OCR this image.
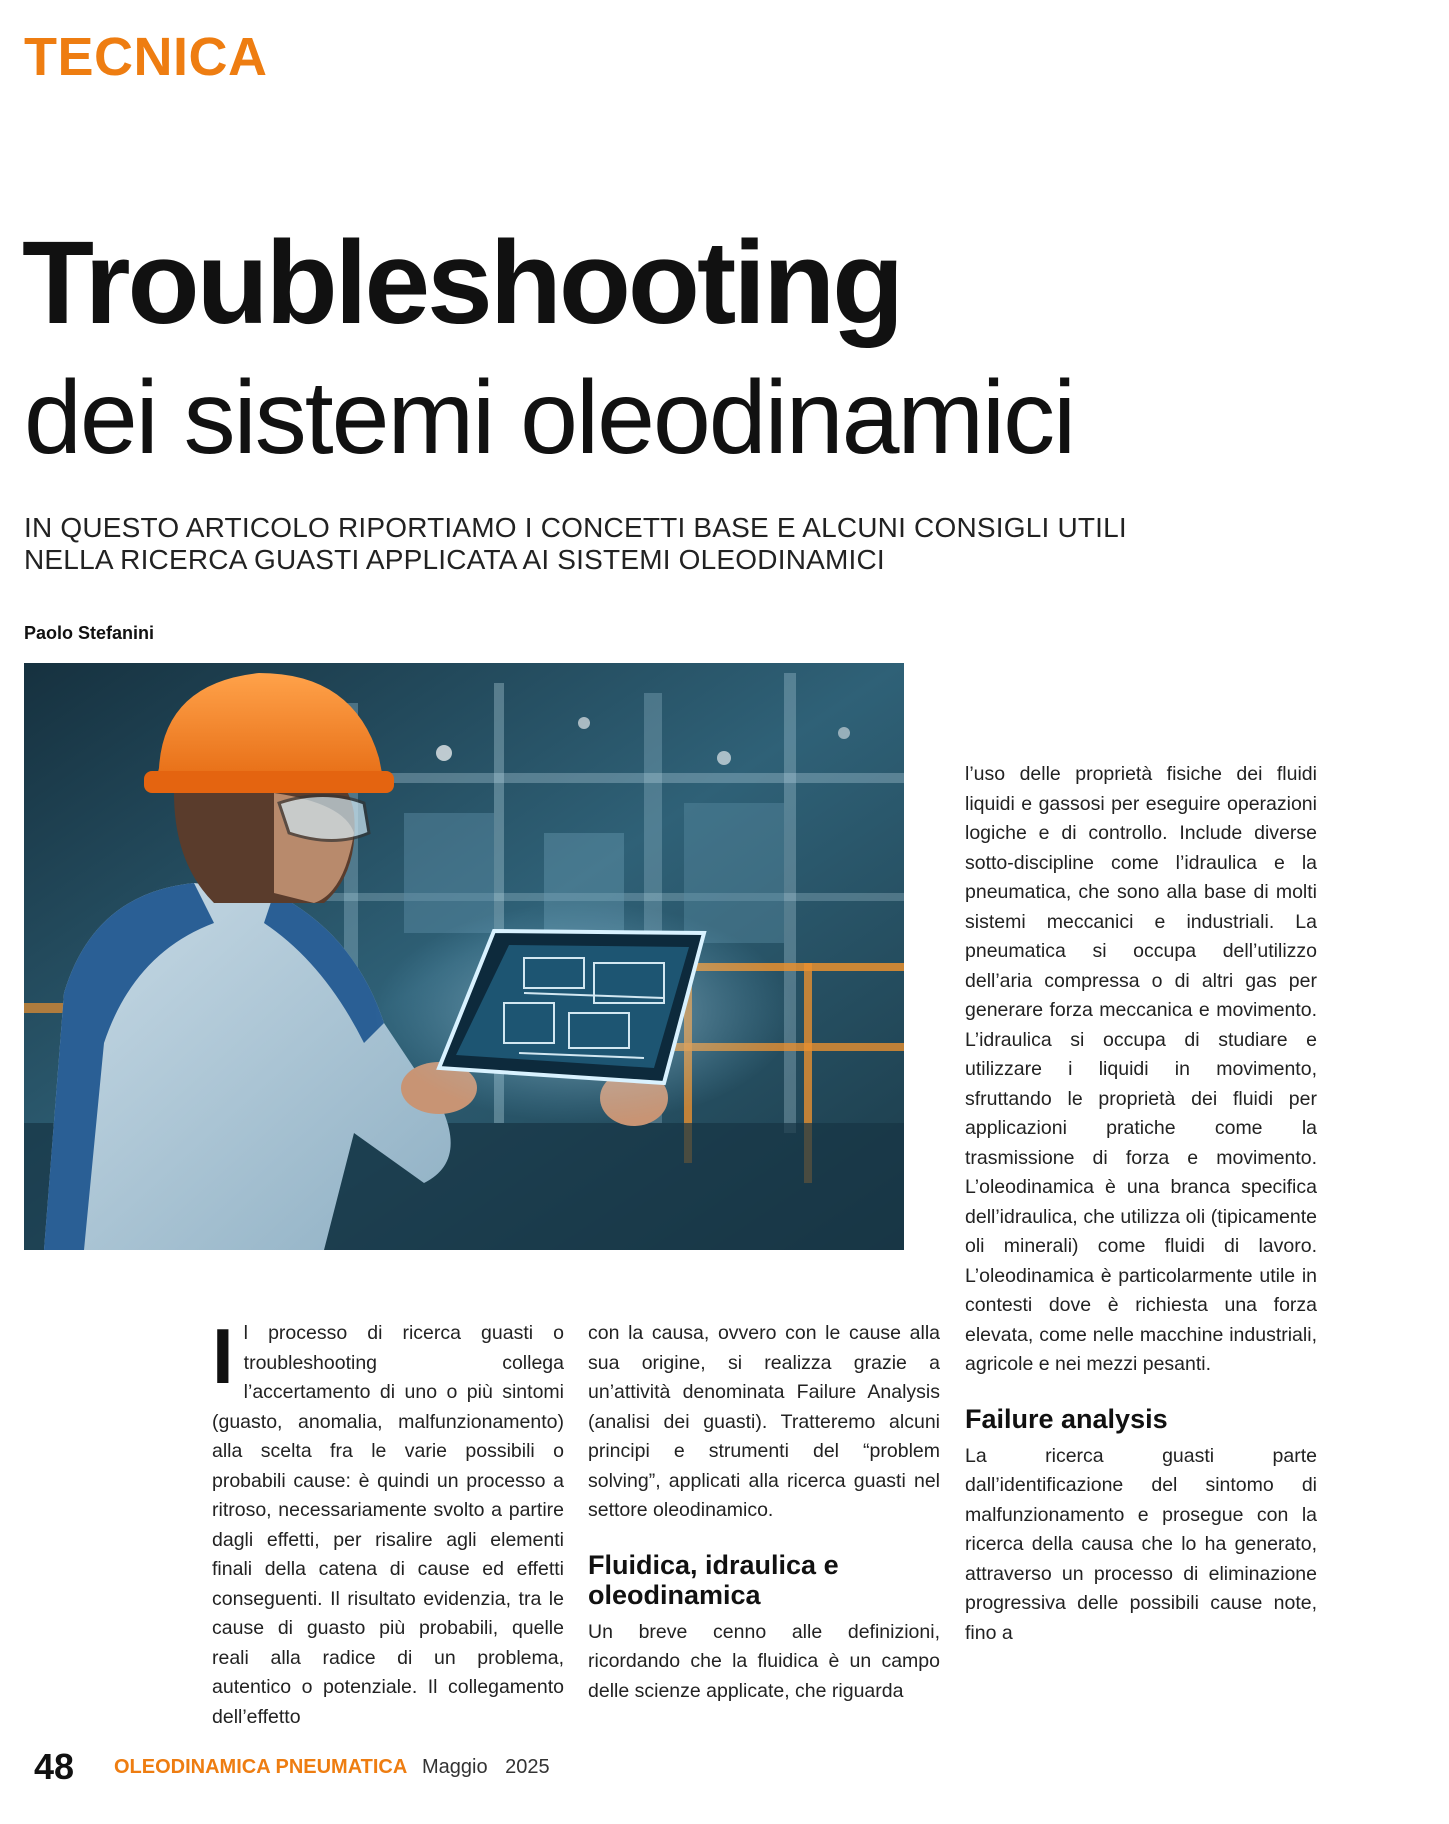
TECNICA
Troubleshooting
dei sistemi oleodinamici
IN QUESTO ARTICOLO RIPORTIAMO I CONCETTI BASE E ALCUNI CONSIGLI UTILI NELLA RICERCA GUASTI APPLICATA AI SISTEMI OLEODINAMICI
Paolo Stefanini
I l processo di ricerca guasti o troubleshooting collega l’accertamento di uno o più sintomi (guasto, anomalia, malfunzionamento) alla scelta fra le varie possibili o probabili cause: è quindi un processo a ritroso, necessariamente svolto a partire dagli effetti, per risalire agli elementi finali della catena di cause ed effetti conseguenti. Il risultato evidenzia, tra le cause di guasto più probabili, quelle reali alla radice di un problema, autentico o potenziale. Il collegamento dell’effetto

con la causa, ovvero con le cause alla sua origine, si realizza grazie a un’attività denominata Failure Analysis (analisi dei guasti). Tratteremo alcuni principi e strumenti del “problem solving”, applicati alla ricerca guasti nel settore oleodinamico.

Fluidica, idraulica e oleodinamica

Un breve cenno alle definizioni, ricordando che la fluidica è un campo delle scienze applicate, che riguarda

l’uso delle proprietà fisiche dei fluidi liquidi e gassosi per eseguire operazioni logiche e di controllo. Include diverse sotto-discipline come l’idraulica e la pneumatica, che sono alla base di molti sistemi meccanici e industriali. La pneumatica si occupa dell’utilizzo dell’aria compressa o di altri gas per generare forza meccanica e movimento. L’idraulica si occupa di studiare e utilizzare i liquidi in movimento, sfruttando le proprietà dei fluidi per applicazioni pratiche come la trasmissione di forza e movimento. L’oleodinamica è una branca specifica dell’idraulica, che utilizza oli (tipicamente oli minerali) come fluidi di lavoro. L’oleodinamica è particolarmente utile in contesti dove è richiesta una forza elevata, come nelle macchine industriali, agricole e nei mezzi pesanti.

Failure analysis

La ricerca guasti parte dall’identificazione del sintomo di malfunzionamento e prosegue con la ricerca della causa che lo ha generato, attraverso un processo di eliminazione progressiva delle possibili cause note, fino a

48 OLEODINAMICA PNEUMATICA Maggio 2025
